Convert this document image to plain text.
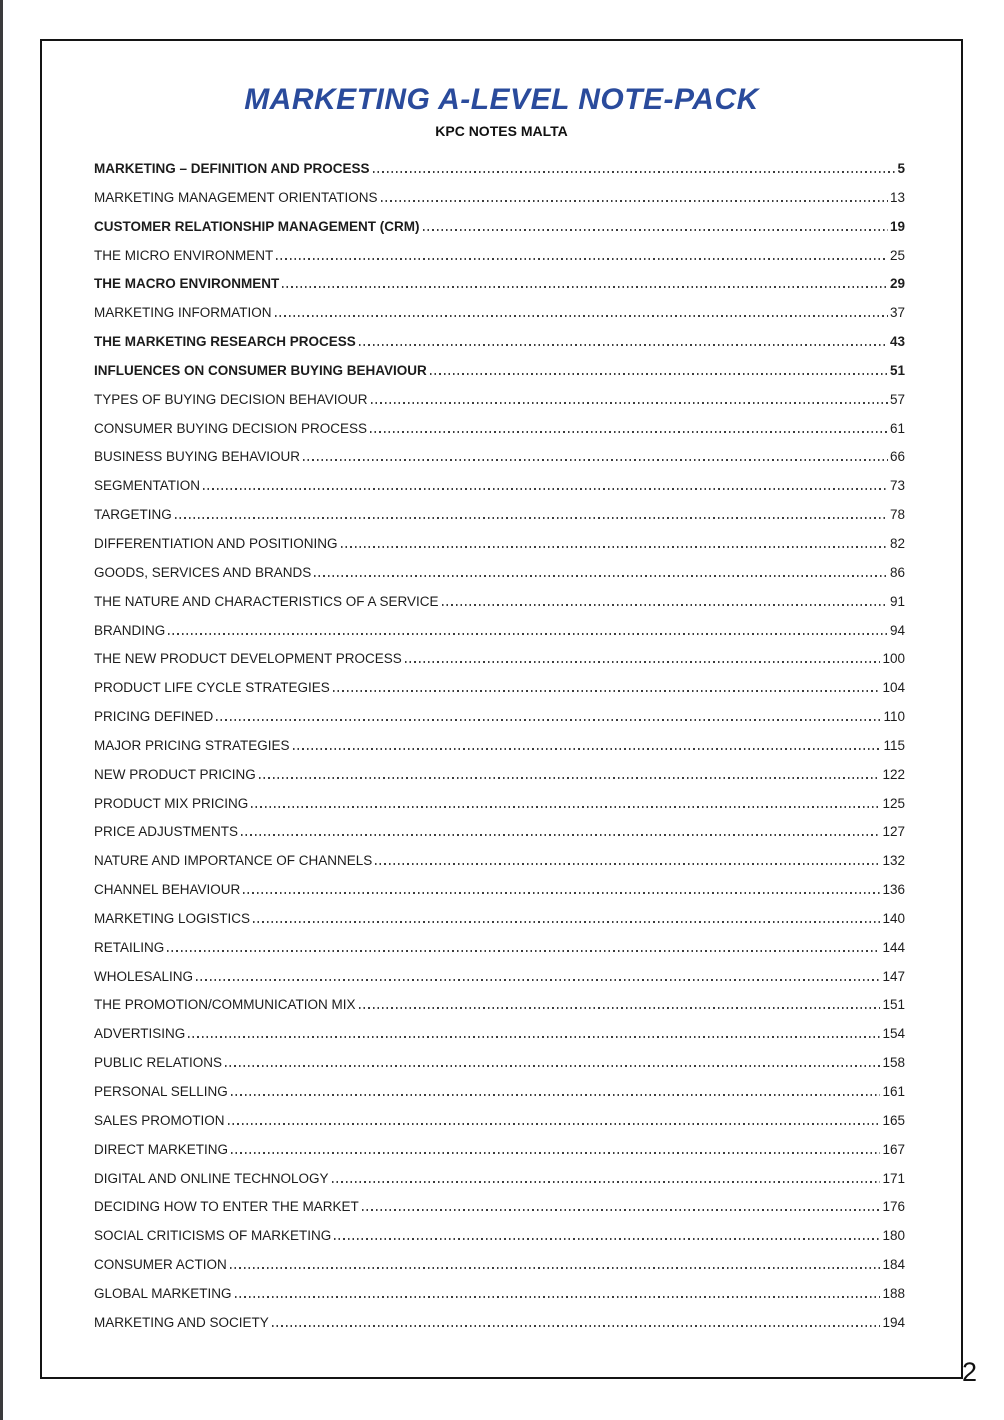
MARKETING A-LEVEL NOTE-PACK
KPC NOTES MALTA
MARKETING – DEFINITION AND PROCESS	5
MARKETING MANAGEMENT ORIENTATIONS	13
CUSTOMER RELATIONSHIP MANAGEMENT (CRM)	19
THE MICRO ENVIRONMENT	25
THE MACRO ENVIRONMENT	29
MARKETING INFORMATION	37
THE MARKETING RESEARCH PROCESS	43
INFLUENCES ON CONSUMER BUYING BEHAVIOUR	51
TYPES OF BUYING DECISION BEHAVIOUR	57
CONSUMER BUYING DECISION PROCESS	61
BUSINESS BUYING BEHAVIOUR	66
SEGMENTATION	73
TARGETING	78
DIFFERENTIATION AND POSITIONING	82
GOODS, SERVICES AND BRANDS	86
THE NATURE AND CHARACTERISTICS OF A SERVICE	91
BRANDING	94
THE NEW PRODUCT DEVELOPMENT PROCESS	100
PRODUCT LIFE CYCLE STRATEGIES	104
PRICING DEFINED	110
MAJOR PRICING STRATEGIES	115
NEW PRODUCT PRICING	122
PRODUCT MIX PRICING	125
PRICE ADJUSTMENTS	127
NATURE AND IMPORTANCE OF CHANNELS	132
CHANNEL BEHAVIOUR	136
MARKETING LOGISTICS	140
RETAILING	144
WHOLESALING	147
THE PROMOTION/COMMUNICATION MIX	151
ADVERTISING	154
PUBLIC RELATIONS	158
PERSONAL SELLING	161
SALES PROMOTION	165
DIRECT MARKETING	167
DIGITAL AND ONLINE TECHNOLOGY	171
DECIDING HOW TO ENTER THE MARKET	176
SOCIAL CRITICISMS OF MARKETING	180
CONSUMER ACTION	184
GLOBAL MARKETING	188
MARKETING AND SOCIETY	194
2
